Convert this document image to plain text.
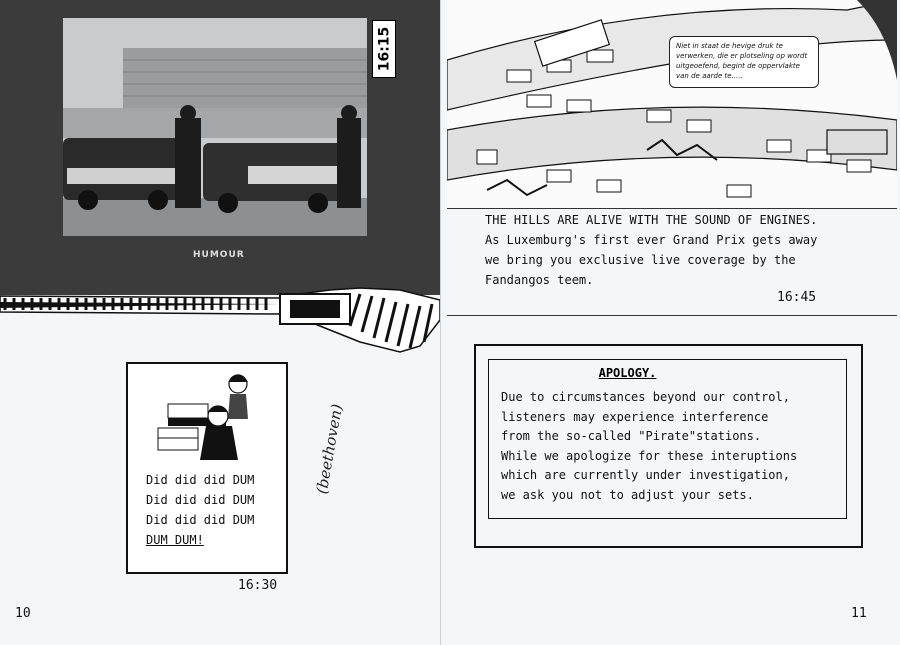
16:15
HUMOUR
Did did did DUM
Did did did DUM
Did did did DUM
DUM DUM!
(beethoven)
16:30
10
Niet in staat de hevige druk te verwerken, die er plotseling op wordt uitgeoefend, begint de oppervlakte van de aarde te.....
THE HILLS ARE ALIVE WITH THE SOUND OF ENGINES.
As Luxemburg's first ever Grand Prix gets away
we bring you exclusive live coverage by the
Fandangos teem.
16:45
APOLOGY.
Due to circumstances beyond our control,
listeners may experience interference
from the so-called "Pirate"stations.
While we apologize for these interuptions
which are currently under investigation,
we ask you not to adjust your sets.
11
